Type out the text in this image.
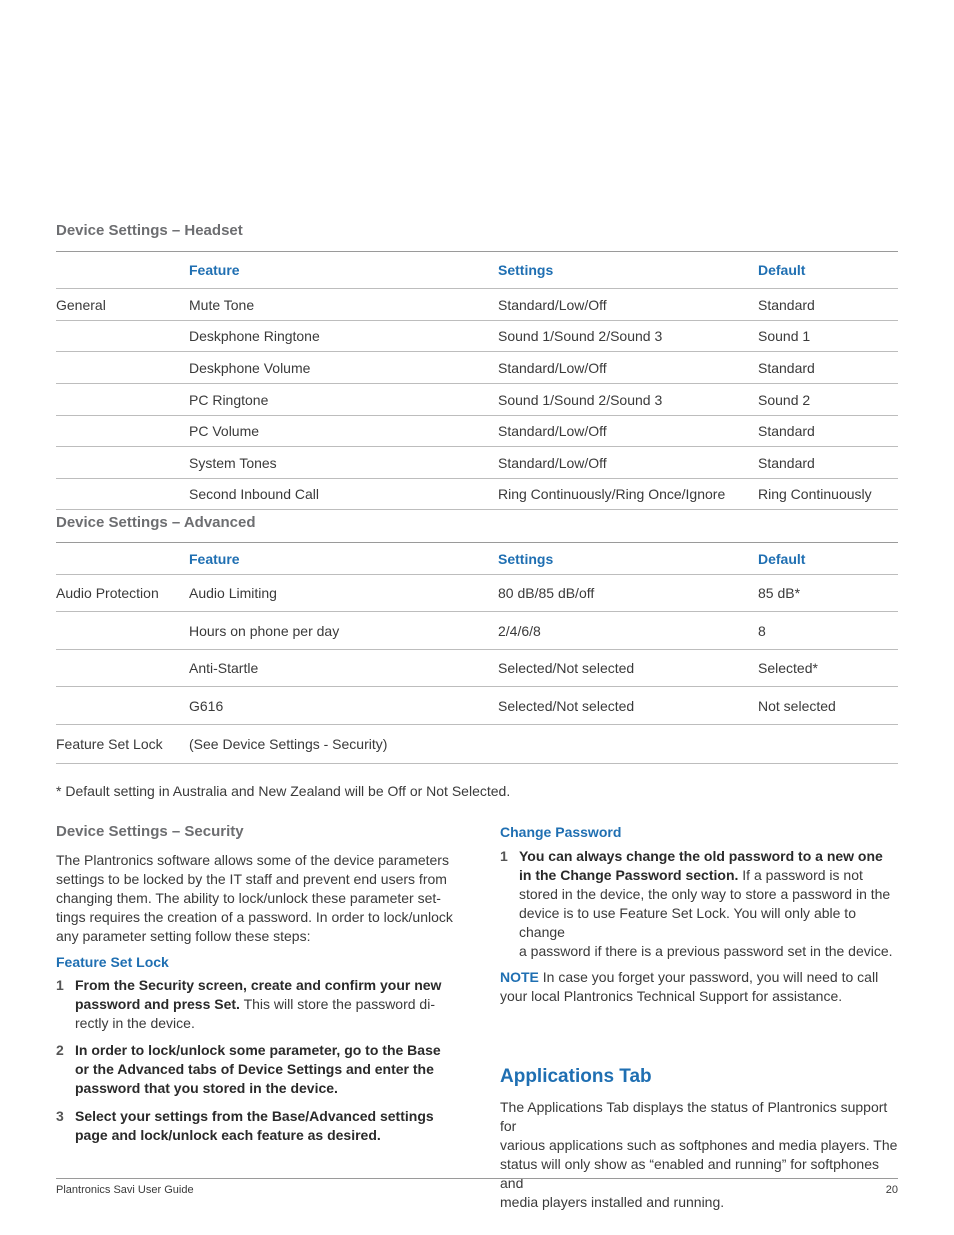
Device Settings – Headset
	Feature	Settings	Default
General	Mute Tone	Standard/Low/Off	Standard
	Deskphone Ringtone	Sound 1/Sound 2/Sound 3	Sound 1
	Deskphone Volume	Standard/Low/Off	Standard
	PC Ringtone	Sound 1/Sound 2/Sound 3	Sound 2
	PC Volume	Standard/Low/Off	Standard
	System Tones	Standard/Low/Off	Standard
	Second Inbound Call	Ring Continuously/Ring Once/Ignore	Ring Continuously
Device Settings – Advanced
	Feature	Settings	Default
Audio Protection	Audio Limiting	80 dB/85 dB/off	85 dB*
	Hours on phone per day	2/4/6/8	8
	Anti-Startle	Selected/Not selected	Selected*
	G616	Selected/Not selected	Not selected
Feature Set Lock	(See Device Settings - Security)		
* Default setting in Australia and New Zealand will be Off or Not Selected.
Device Settings – Security
The Plantronics software allows some of the device parameters
settings to be locked by the IT staff and prevent end users from
changing them. The ability to lock/unlock these parameter set-
tings requires the creation of a password. In order to lock/unlock
any parameter setting follow these steps:
Feature Set Lock
1 From the Security screen, create and confirm your new
password and press Set. This will store the password di-
rectly in the device.
2 In order to lock/unlock some parameter, go to the Base
or the Advanced tabs of Device Settings and enter the
password that you stored in the device.
3 Select your settings from the Base/Advanced settings
page and lock/unlock each feature as desired.
Change Password
1 You can always change the old password to a new one
in the Change Password section. If a password is not
stored in the device, the only way to store a password in the
device is to use Feature Set Lock. You will only able to change
a password if there is a previous password set in the device.
NOTE In case you forget your password, you will need to call
your local Plantronics Technical Support for assistance.
Applications Tab
The Applications Tab displays the status of Plantronics support for
various applications such as softphones and media players. The
status will only show as “enabled and running” for softphones and
media players installed and running.
Plantronics Savi User Guide	20
